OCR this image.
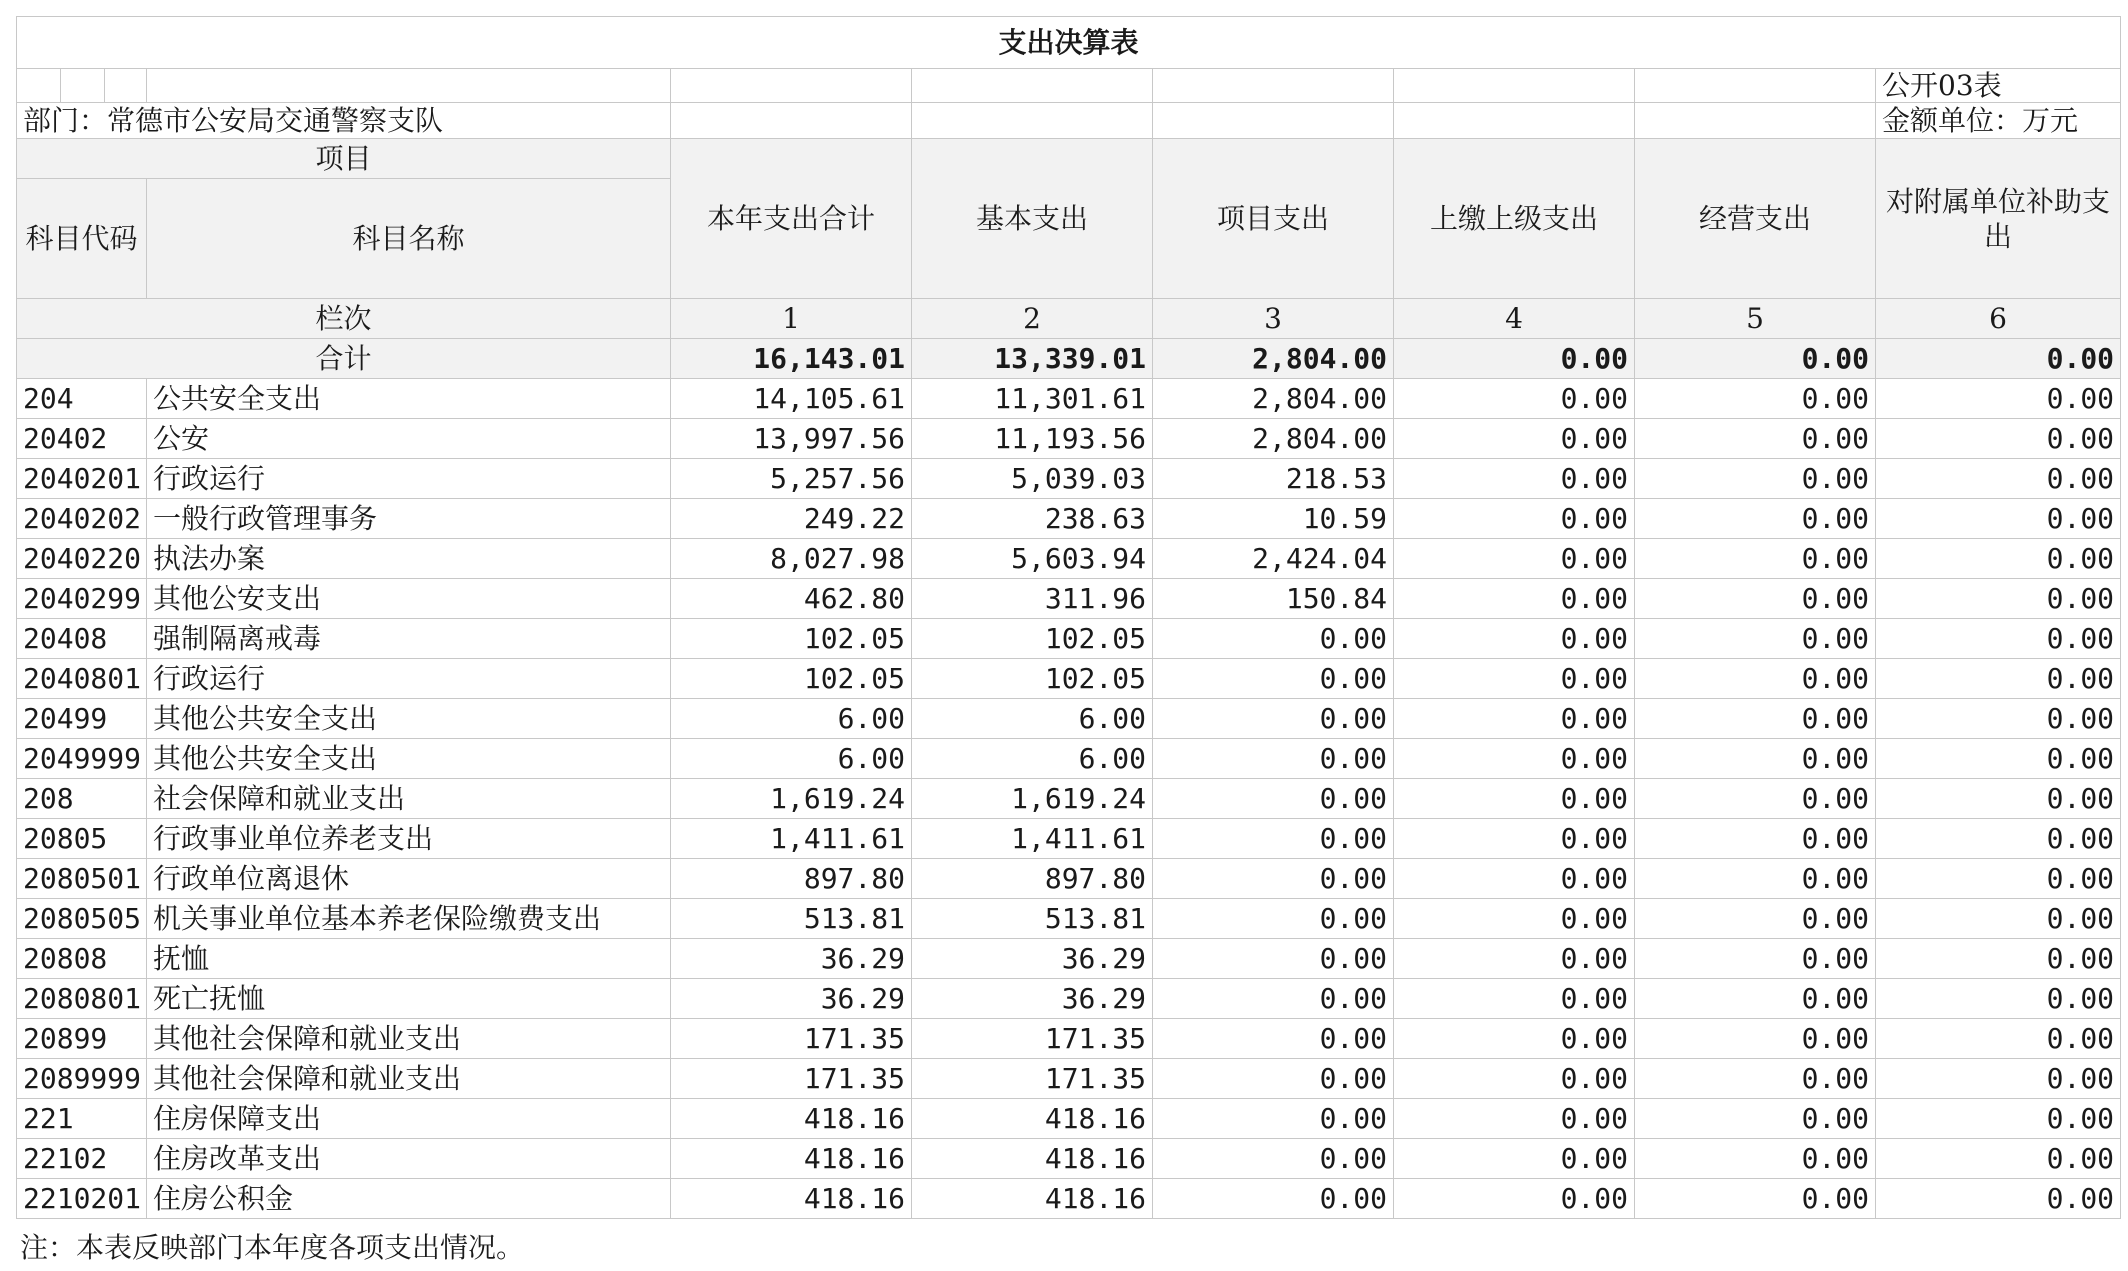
支出决算表									
									公开03表
部门：常德市公安局交通警察支队									金额单位：万元
项目				本年支出合计	基本支出	项目支出	上缴上级支出	经营支出	对附属单位补助支出
科目代码			科目名称						
栏次				1	2	3	4	5	6
合计				16,143.01	13,339.01	2,804.00	0.00	0.00	0.00
204			公共安全支出	14,105.61	11,301.61	2,804.00	0.00	0.00	0.00
20402			公安	13,997.56	11,193.56	2,804.00	0.00	0.00	0.00
2040201			行政运行	5,257.56	5,039.03	218.53	0.00	0.00	0.00
2040202			一般行政管理事务	249.22	238.63	10.59	0.00	0.00	0.00
2040220			执法办案	8,027.98	5,603.94	2,424.04	0.00	0.00	0.00
2040299			其他公安支出	462.80	311.96	150.84	0.00	0.00	0.00
20408			强制隔离戒毒	102.05	102.05	0.00	0.00	0.00	0.00
2040801			行政运行	102.05	102.05	0.00	0.00	0.00	0.00
20499			其他公共安全支出	6.00	6.00	0.00	0.00	0.00	0.00
2049999			其他公共安全支出	6.00	6.00	0.00	0.00	0.00	0.00
208			社会保障和就业支出	1,619.24	1,619.24	0.00	0.00	0.00	0.00
20805			行政事业单位养老支出	1,411.61	1,411.61	0.00	0.00	0.00	0.00
2080501			行政单位离退休	897.80	897.80	0.00	0.00	0.00	0.00
2080505			机关事业单位基本养老保险缴费支出	513.81	513.81	0.00	0.00	0.00	0.00
20808			抚恤	36.29	36.29	0.00	0.00	0.00	0.00
2080801			死亡抚恤	36.29	36.29	0.00	0.00	0.00	0.00
20899			其他社会保障和就业支出	171.35	171.35	0.00	0.00	0.00	0.00
2089999			其他社会保障和就业支出	171.35	171.35	0.00	0.00	0.00	0.00
221			住房保障支出	418.16	418.16	0.00	0.00	0.00	0.00
22102			住房改革支出	418.16	418.16	0.00	0.00	0.00	0.00
2210201			住房公积金	418.16	418.16	0.00	0.00	0.00	0.00
注：本表反映部门本年度各项支出情况。
